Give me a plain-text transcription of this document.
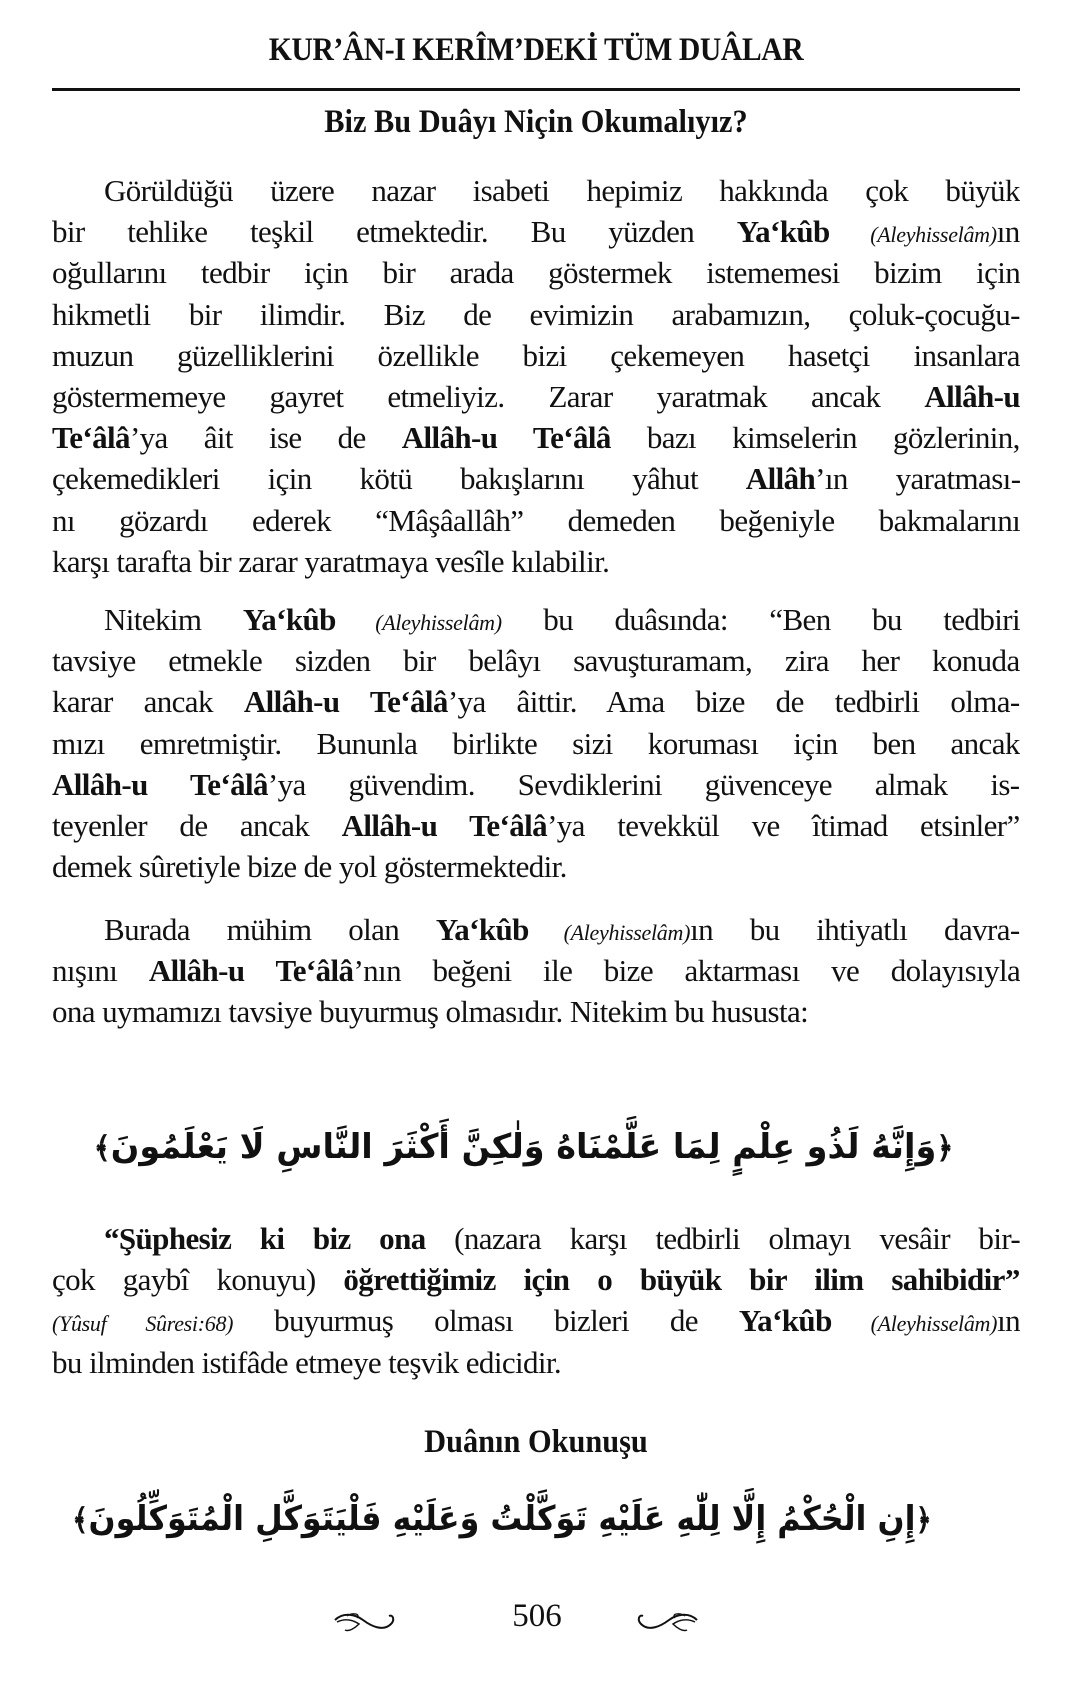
KUR’ÂN-I KERÎM’DEKİ TÜM DUÂLAR
Biz Bu Duâyı Niçin Okumalıyız?
Görüldüğü üzere nazar isabeti hepimiz hakkında çok büyük
bir tehlike teşkil etmektedir. Bu yüzden Ya‘kûb (Aleyhisselâm)ın
oğullarını tedbir için bir arada göstermek istememesi bizim için
hikmetli bir ilimdir. Biz de evimizin arabamızın, çoluk-çocuğu-
muzun güzelliklerini özellikle bizi çekemeyen hasetçi insanlara
göstermemeye gayret etmeliyiz. Zarar yaratmak ancak Allâh-u
Te‘âlâ’ya âit ise de Allâh-u Te‘âlâ bazı kimselerin gözlerinin,
çekemedikleri için kötü bakışlarını yâhut Allâh’ın yaratması-
nı gözardı ederek “Mâşâallâh” demeden beğeniyle bakmalarını
karşı tarafta bir zarar yaratmaya vesîle kılabilir.
Nitekim Ya‘kûb (Aleyhisselâm) bu duâsında: “Ben bu tedbiri
tavsiye etmekle sizden bir belâyı savuşturamam, zira her konuda
karar ancak Allâh-u Te‘âlâ’ya âittir. Ama bize de tedbirli olma-
mızı emretmiştir. Bununla birlikte sizi koruması için ben ancak
Allâh-u Te‘âlâ’ya güvendim. Sevdiklerini güvenceye almak is-
teyenler de ancak Allâh-u Te‘âlâ’ya tevekkül ve îtimad etsinler”
demek sûretiyle bize de yol göstermektedir.
Burada mühim olan Ya‘kûb (Aleyhisselâm)ın bu ihtiyatlı davra-
nışını Allâh-u Te‘âlâ’nın beğeni ile bize aktarması ve dolayısıyla
ona uymamızı tavsiye buyurmuş olmasıdır. Nitekim bu hususta:
﴿وَإِنَّهُ لَذُو عِلْمٍ لِمَا عَلَّمْنَاهُ وَلٰكِنَّ أَكْثَرَ النَّاسِ لَا يَعْلَمُونَ﴾
“Şüphesiz ki biz ona (nazara karşı tedbirli olmayı vesâir bir-
çok gaybî konuyu) öğrettiğimiz için o büyük bir ilim sahibidir”
(Yûsuf Sûresi:68) buyurmuş olması bizleri de Ya‘kûb (Aleyhisselâm)ın
bu ilminden istifâde etmeye teşvik edicidir.
Duânın Okunuşu
﴿إِنِ الْحُكْمُ إِلَّا لِلّٰهِ عَلَيْهِ تَوَكَّلْتُ وَعَلَيْهِ فَلْيَتَوَكَّلِ الْمُتَوَكِّلُونَ﴾
506
